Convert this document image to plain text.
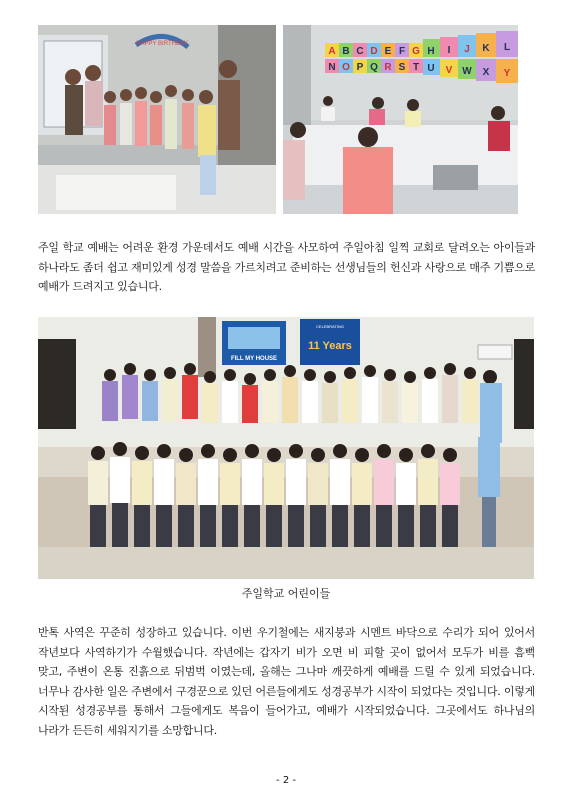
HAPPY BIRTHDAY
A B C D E F G H I J K L
N O P Q R S T U V W X Y

주일 학교 예배는 어려운 환경 가운데서도 예배 시간을 사모하여 주일아침 일찍 교회로 달려오는 아이들과 하나라도 좀더 쉽고 재미있게 성경 말씀을 가르치려고 준비하는 선생님들의 헌신과 사랑으로 매주 기쁨으로 예배가 드려지고 있습니다.

FILL MY HOUSE
CELEBRATING
11 Years
주일학교 어린이들

반톡 사역은 꾸준히 성장하고 있습니다. 이번 우기철에는 새지붕과 시멘트 바닥으로 수리가 되어 있어서 작년보다 사역하기가 수월했습니다. 작년에는 갑자기 비가 오면 비 피할 곳이 없어서 모두가 비를 흠뻑 맞고, 주변이 온통 진흙으로 뒤범벅 이였는데, 올해는 그나마 깨끗하게 예배를 드릴 수 있게 되었습니다. 너무나 감사한 일은 주변에서 구경꾼으로 있던 어른들에게도 성경공부가 시작이 되었다는 것입니다. 이렇게 시작된 성경공부를 통해서 그들에게도 복음이 들어가고, 예배가 시작되었습니다. 그곳에서도 하나님의 나라가 든든히 세워지기를 소망합니다.

- 2 -
